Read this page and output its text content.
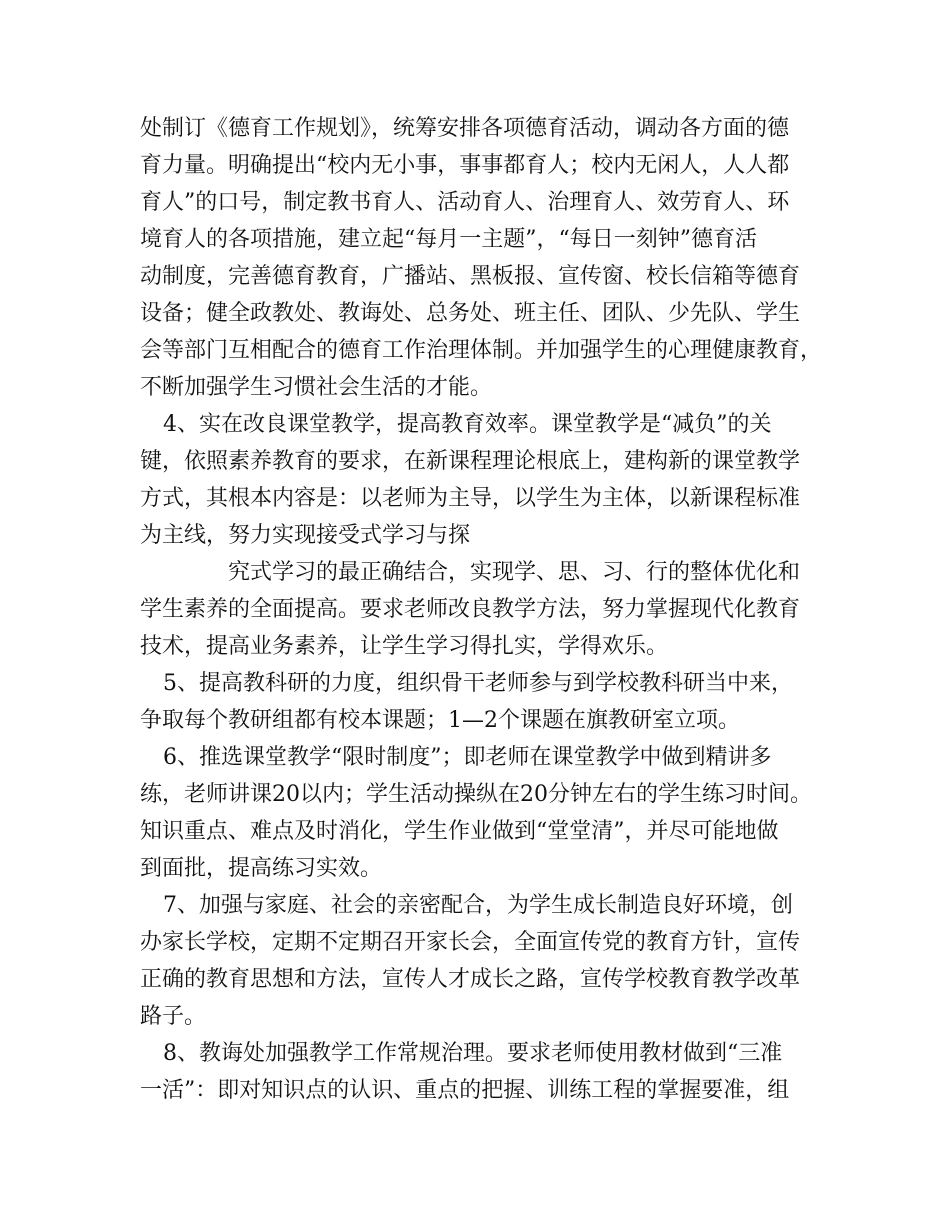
处制订《德育工作规划》，统筹安排各项德育活动，调动各方面的德
育力量。明确提出“校内无小事，事事都育人；校内无闲人，人人都
育人”的口号，制定教书育人、活动育人、治理育人、效劳育人、环
境育人的各项措施，建立起“每月一主题”，“每日一刻钟”德育活
动制度，完善德育教育，广播站、黑板报、宣传窗、校长信箱等德育
设备；健全政教处、教诲处、总务处、班主任、团队、少先队、学生
会等部门互相配合的德育工作治理体制。并加强学生的心理健康教育，
不断加强学生习惯社会生活的才能。
4、实在改良课堂教学，提高教育效率。课堂教学是“减负”的关
键，依照素养教育的要求，在新课程理论根底上，建构新的课堂教学
方式，其根本内容是：以老师为主导，以学生为主体，以新课程标准
为主线，努力实现接受式学习与探
究式学习的最正确结合，实现学、思、习、行的整体优化和
学生素养的全面提高。要求老师改良教学方法，努力掌握现代化教育
技术，提高业务素养，让学生学习得扎实，学得欢乐。
5、提高教科研的力度，组织骨干老师参与到学校教科研当中来，
争取每个教研组都有校本课题；1—2个课题在旗教研室立项。
6、推选课堂教学“限时制度”；即老师在课堂教学中做到精讲多
练，老师讲课20以内；学生活动操纵在20分钟左右的学生练习时间。
知识重点、难点及时消化，学生作业做到“堂堂清”，并尽可能地做
到面批，提高练习实效。
7、加强与家庭、社会的亲密配合，为学生成长制造良好环境，创
办家长学校，定期不定期召开家长会，全面宣传党的教育方针，宣传
正确的教育思想和方法，宣传人才成长之路，宣传学校教育教学改革
路子。
8、教诲处加强教学工作常规治理。要求老师使用教材做到“三准
一活”：即对知识点的认识、重点的把握、训练工程的掌握要准，组
